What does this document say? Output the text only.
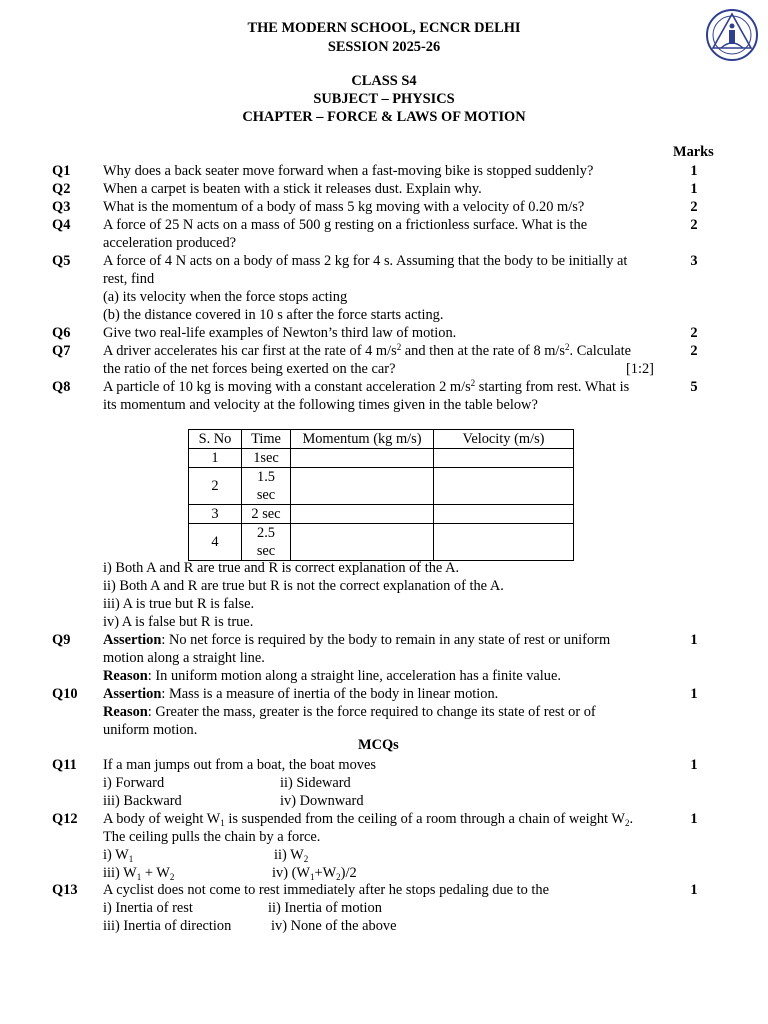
THE MODERN SCHOOL, ECNCR DELHI
SESSION 2025-26
CLASS S4
SUBJECT – PHYSICS
CHAPTER – FORCE & LAWS OF MOTION
Marks
Q1 Why does a back seater move forward when a fast-moving bike is stopped suddenly?	1
Q2 When a carpet is beaten with a stick it releases dust. Explain why.	1
Q3 What is the momentum of a body of mass 5 kg moving with a velocity of 0.20 m/s?	2
Q4 A force of 25 N acts on a mass of 500 g resting on a frictionless surface. What is the
acceleration produced?
2
Q5 A force of 4 N acts on a body of mass 2 kg for 4 s. Assuming that the body to be initially at
rest, find
(a) its velocity when the force stops acting
(b) the distance covered in 10 s after the force starts acting.
3
Q6 Give two real-life examples of Newton’s third law of motion.	2
Q7 A driver accelerates his car first at the rate of 4 $m/s^2$ and then at the rate of 8 $m/s^2$. Calculate
the ratio of the net forces being exerted on the car?	[1:2]
2
Q8 A particle of 10 kg is moving with a constant acceleration 2 $m/s^2$ starting from rest. What is
its momentum and velocity at the following times given in the table below?
5
S. No	Time	Momentum (kg m/s)	Velocity (m/s)
1	1sec		
2	1.5
sec		
3	2 sec		
4	2.5
sec		
i) Both A and R are true and R is correct explanation of the A.
ii) Both A and R are true but R is not the correct explanation of the A.
iii) A is true but R is false.
iv) A is false but R is true.
Q9 Assertion: No net force is required by the body to remain in any state of rest or uniform
motion along a straight line.
Reason: In uniform motion along a straight line, acceleration has a finite value.
1
Q10 Assertion: Mass is a measure of inertia of the body in linear motion.
Reason: Greater the mass, greater is the force required to change its state of rest or of
uniform motion.
1
MCQs
Q11 If a man jumps out from a boat, the boat moves
i) Forward	ii) Sideward
iii) Backward	iv) Downward
1
Q12 A body of weight $W_1$ is suspended from the ceiling of a room through a chain of weight $W_2$.
The ceiling pulls the chain by a force.
i) $W_1$	ii) $W_2$
iii) $W_1 + W_2$	iv) $(W_1+W_2)/2$
1
Q13 A cyclist does not come to rest immediately after he stops pedaling due to the
i) Inertia of rest	ii) Inertia of motion
iii) Inertia of direction	iv) None of the above
1
